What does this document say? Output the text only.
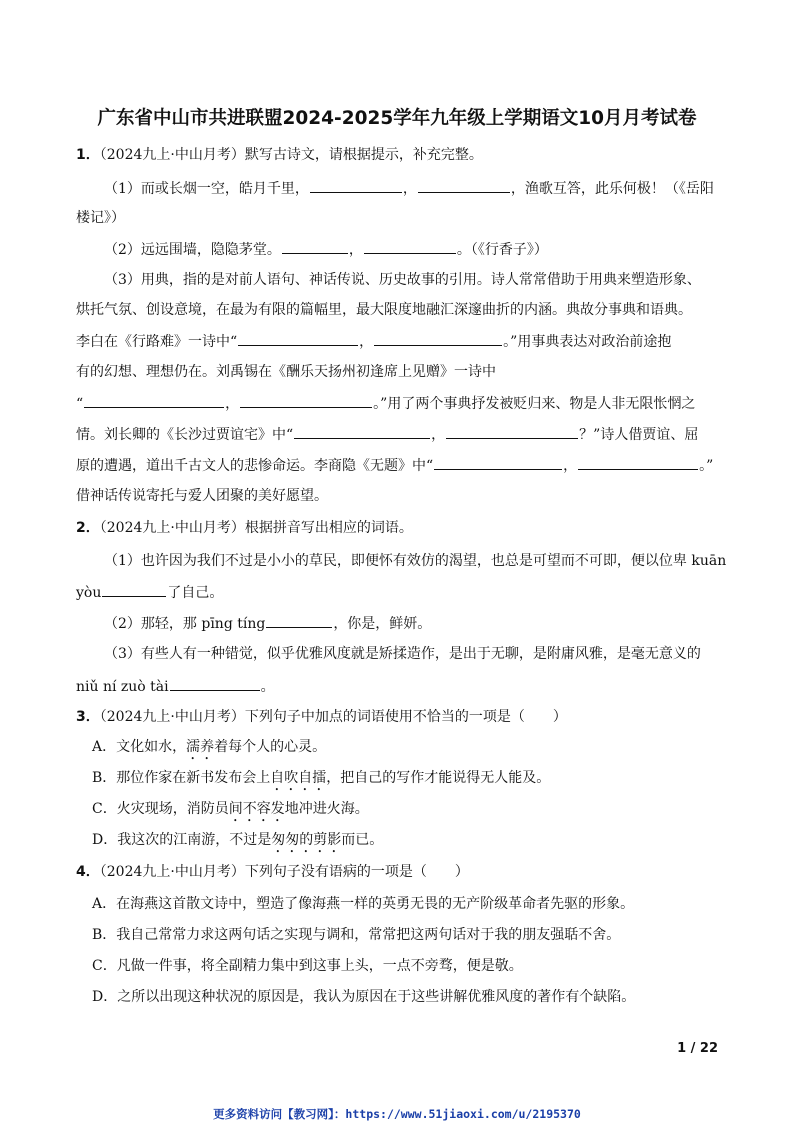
广东省中山市共进联盟2024-2025学年九年级上学期语文10月月考试卷
1．（2024九上·中山月考）默写古诗文，请根据提示，补充完整。
（1）而或长烟一空，皓月千里，	，	，渔歌互答，此乐何极！（《岳阳
楼记》）
（2）远远围墙，隐隐茅堂。	，	。（《行香子》）
（3）用典，指的是对前人语句、神话传说、历史故事的引用。诗人常常借助于用典来塑造形象、
烘托气氛、创设意境，在最为有限的篇幅里，最大限度地融汇深邃曲折的内涵。典故分事典和语典。
李白在《行路难》一诗中“	，	。”用事典表达对政治前途抱
有的幻想、理想仍在。刘禹锡在《酬乐天扬州初逢席上见赠》一诗中
“	，	。”用了两个事典抒发被贬归来、物是人非无限怅惘之
情。刘长卿的《长沙过贾谊宅》中“	，	？”诗人借贾谊、屈
原的遭遇，道出千古文人的悲惨命运。李商隐《无题》中“	，	。”
借神话传说寄托与爱人团聚的美好愿望。
2．（2024九上·中山月考）根据拼音写出相应的词语。
（1）也许因为我们不过是小小的草民，即便怀有效仿的渴望，也总是可望而不可即，便以位卑 kuān
yòu	了自己。
（2）那轻，那 pīng tíng	，你是，鲜妍。
（3）有些人有一种错觉，似乎优雅风度就是矫揉造作，是出于无聊，是附庸风雅，是毫无意义的
niǔ ní zuò tài	。
3．（2024九上·中山月考）下列句子中加点的词语使用不恰当的一项是（　　）
A．文化如水，濡养着每个人的心灵。
B．那位作家在新书发布会上自吹自擂，把自己的写作才能说得无人能及。
C．火灾现场，消防员间不容发地冲进火海。
D．我这次的江南游，不过是匆匆的剪影而已。
4．（2024九上·中山月考）下列句子没有语病的一项是（　　）
A．在海燕这首散文诗中，塑造了像海燕一样的英勇无畏的无产阶级革命者先驱的形象。
B．我自己常常力求这两句话之实现与调和，常常把这两句话对于我的朋友强聒不舍。
C．凡做一件事，将全副精力集中到这事上头，一点不旁骛，便是敬。
D．之所以出现这种状况的原因是，我认为原因在于这些讲解优雅风度的著作有个缺陷。
1 / 22
更多资料访问【教习网】：https://www.51jiaoxi.com/u/2195370
